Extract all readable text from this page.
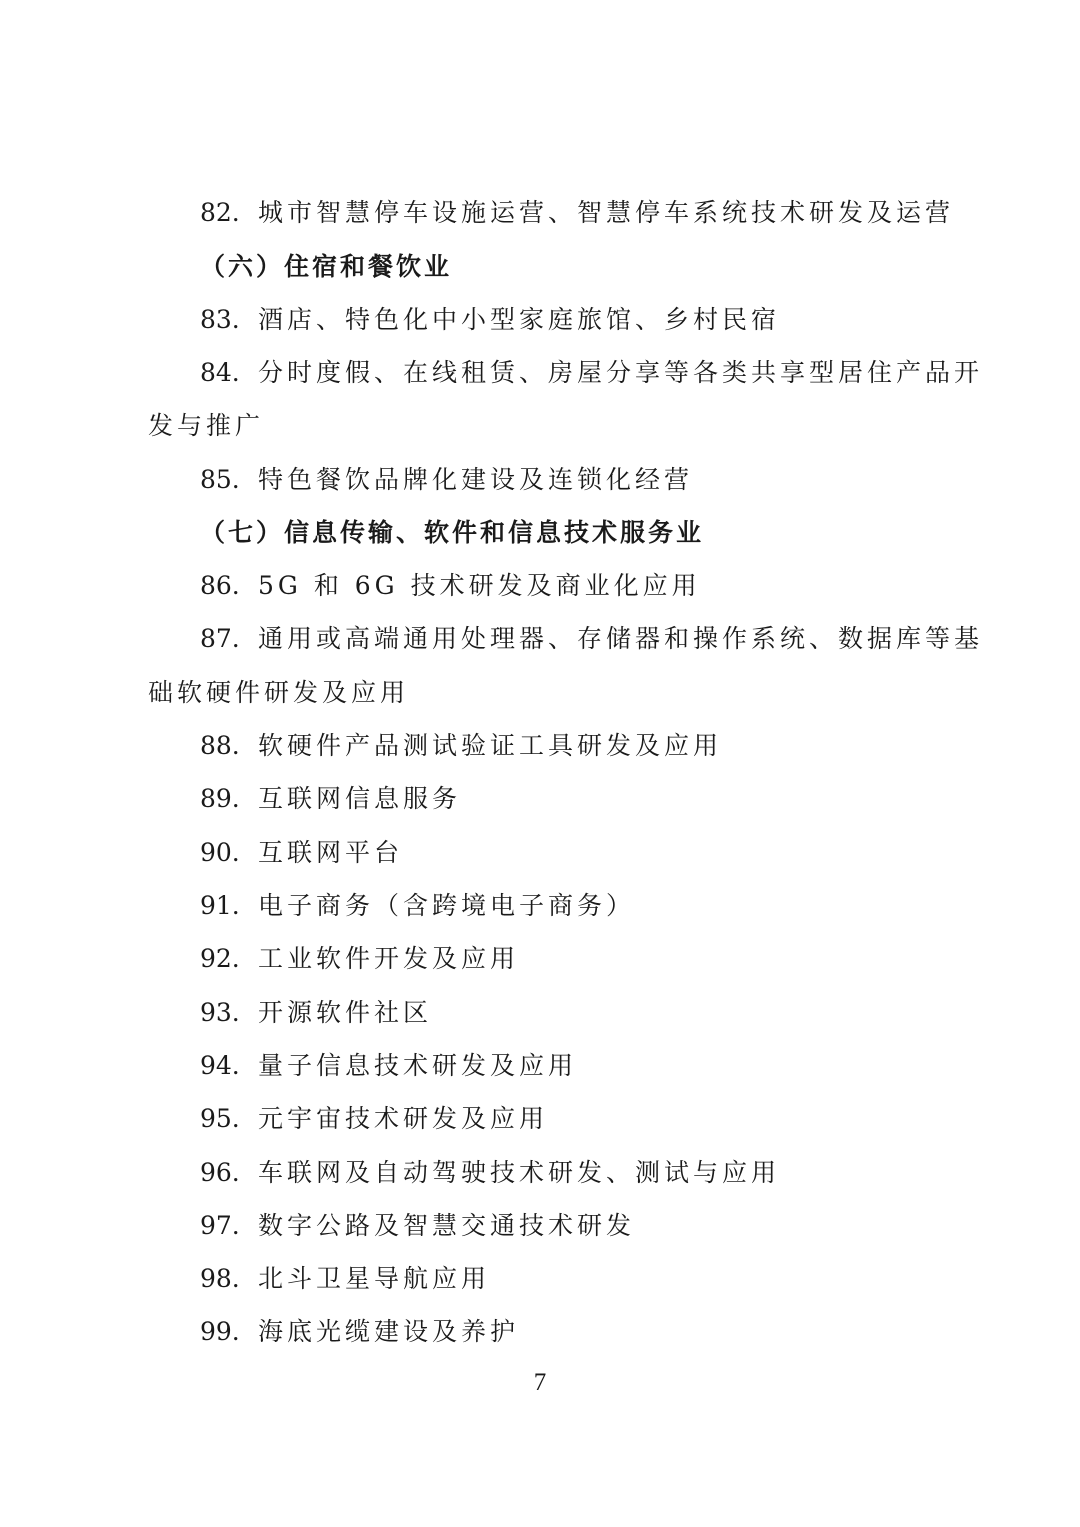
82. 城市智慧停车设施运营、智慧停车系统技术研发及运营
（六）住宿和餐饮业
83. 酒店、特色化中小型家庭旅馆、乡村民宿
84. 分时度假、在线租赁、房屋分享等各类共享型居住产品开
发与推广
85. 特色餐饮品牌化建设及连锁化经营
（七）信息传输、软件和信息技术服务业
86. 5G 和 6G 技术研发及商业化应用
87. 通用或高端通用处理器、存储器和操作系统、数据库等基
础软硬件研发及应用
88. 软硬件产品测试验证工具研发及应用
89. 互联网信息服务
90. 互联网平台
91. 电子商务（含跨境电子商务）
92. 工业软件开发及应用
93. 开源软件社区
94. 量子信息技术研发及应用
95. 元宇宙技术研发及应用
96. 车联网及自动驾驶技术研发、测试与应用
97. 数字公路及智慧交通技术研发
98. 北斗卫星导航应用
99. 海底光缆建设及养护
7
